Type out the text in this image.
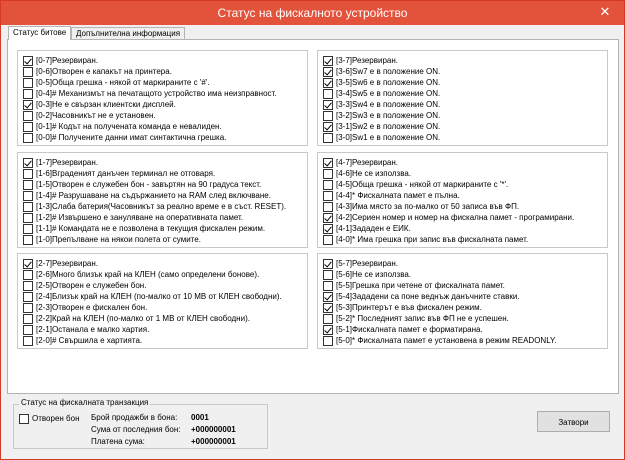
Статус на фискалното устройство	✕
Статус битове	Допълнителна информация
[0-7]Резервиран.
[0-6]Отворен е капакът на принтера.
[0-5]Обща грешка - някой от маркираните с '#'.
[0-4]# Механизмът на печатащото устройство има неизправност.
[0-3]Не е свързан клиентски дисплей.
[0-2]Часовникът не е установен.
[0-1]# Кодът на получената команда е невалиден.
[0-0]# Получените данни имат синтактична грешка.
[3-7]Резервиран.
[3-6]Sw7 е в положение ON.
[3-5]Sw6 е в положение ON.
[3-4]Sw5 е в положение ON.
[3-3]Sw4 е в положение ON.
[3-2]Sw3 е в положение ON.
[3-1]Sw2 е в положение ON.
[3-0]Sw1 е в положение ON.
[1-7]Резервиран.
[1-6]Вграденият данъчен терминал не отговаря.
[1-5]Отворен е служебен бон - завъртян на 90 градуса текст.
[1-4]# Разрушаване на съдържанието на RAM след включване.
[1-3]Слаба батерия(Часовникът за реално време е в съст. RESET).
[1-2]# Извършено е зануляване на оперативната памет.
[1-1]# Командата не е позволена в текущия фискален режим.
[1-0]Препълване на някои полета от сумите.
[4-7]Резервиран.
[4-6]Не се използва.
[4-5]Обща грешка - някой от маркираните с '*'.
[4-4]* Фискалната памет е пълна.
[4-3]Има място за по-малко от 50 записа във ФП.
[4-2]Сериен номер и номер на фискална памет - програмирани.
[4-1]Зададен е ЕИК.
[4-0]* Има грешка при запис във фискалната памет.
[2-7]Резервиран.
[2-6]Много близък край на КЛЕН (само определени бонове).
[2-5]Отворен е служебен бон.
[2-4]Близък край на КЛЕН (по-малко от 10 MB от КЛЕН свободни).
[2-3]Отворен е фискален бон.
[2-2]Край на КЛЕН (по-малко от 1 MB от КЛЕН свободни).
[2-1]Останала е малко хартия.
[2-0]# Свършила е хартията.
[5-7]Резервиран.
[5-6]Не се използва.
[5-5]Грешка при четене от фискалната памет.
[5-4]Зададени са поне веднъж данъчните ставки.
[5-3]Принтерът е във фискален режим.
[5-2]* Последният запис във ФП не е успешен.
[5-1]Фискалната памет е форматирана.
[5-0]* Фискалната памет е установена в режим READONLY.
Статус на фискалната транзакция
Отворен бон Брой продажби в бона: 0001
Сума от последния бон: +000000001
Платена сума:	+000000001
Затвори
